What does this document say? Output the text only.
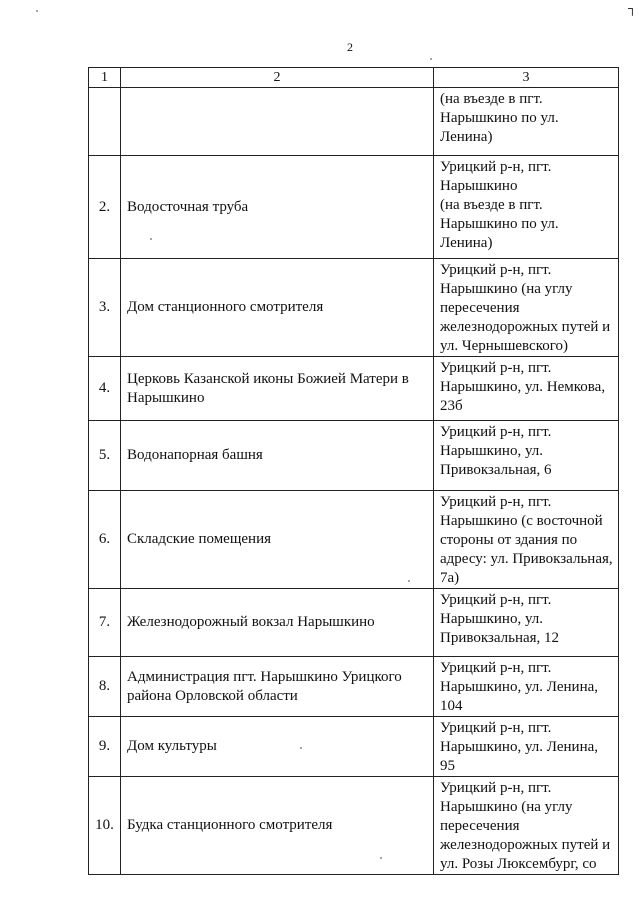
┐
2
1	2	3
		(на въезде в пгт.
Нарышкино по ул.
Ленина)
2.	Водосточная труба	Урицкий р-н, пгт.
Нарышкино
(на въезде в пгт.
Нарышкино по ул.
Ленина)
3.	Дом станционного смотрителя	Урицкий р-н, пгт.
Нарышкино (на углу
пересечения
железнодорожных путей и
ул. Чернышевского)
4.	Церковь Казанской иконы Божией Матери в Нарышкино	Урицкий р-н, пгт.
Нарышкино, ул. Немкова,
23б
5.	Водонапорная башня	Урицкий р-н, пгт.
Нарышкино, ул.
Привокзальная, 6
6.	Складские помещения	Урицкий р-н, пгт.
Нарышкино (с восточной
стороны от здания по
адресу: ул. Привокзальная,
7а)
7.	Железнодорожный вокзал Нарышкино	Урицкий р-н, пгт.
Нарышкино, ул.
Привокзальная, 12
8.	Администрация пгт. Нарышкино Урицкого района Орловской области	Урицкий р-н, пгт.
Нарышкино, ул. Ленина,
104
9.	Дом культуры	Урицкий р-н, пгт.
Нарышкино, ул. Ленина,
95
10.	Будка станционного смотрителя	Урицкий р-н, пгт.
Нарышкино (на углу
пересечения
железнодорожных путей и
ул. Розы Люксембург, со
